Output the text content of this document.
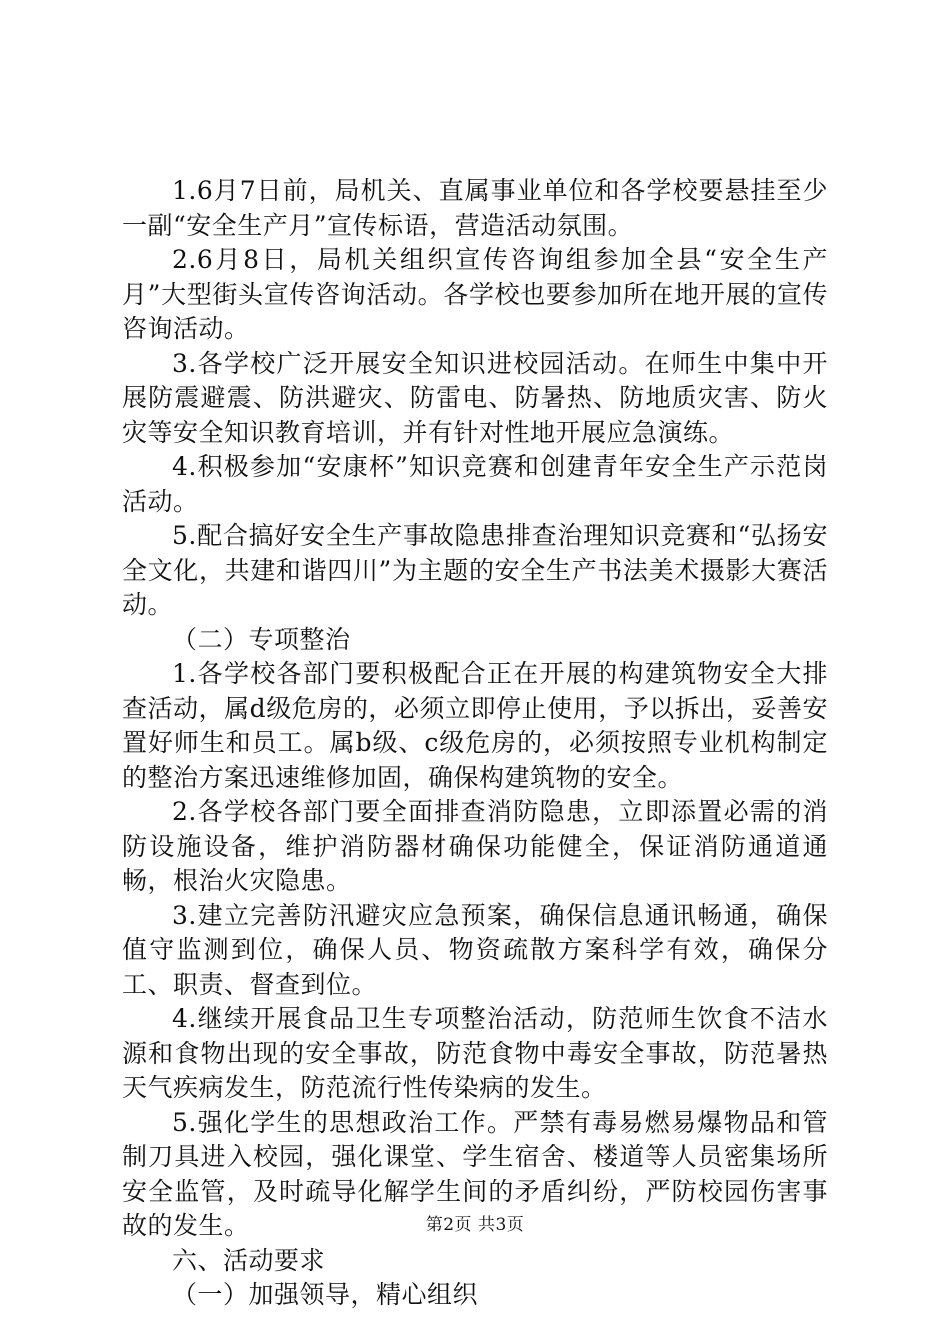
1.6月7日前，局机关、直属事业单位和各学校要悬挂至少一副“安全生产月”宣传标语，营造活动氛围。

2.6月8日，局机关组织宣传咨询组参加全县“安全生产月”大型街头宣传咨询活动。各学校也要参加所在地开展的宣传咨询活动。

3.各学校广泛开展安全知识进校园活动。在师生中集中开展防震避震、防洪避灾、防雷电、防暑热、防地质灾害、防火灾等安全知识教育培训，并有针对性地开展应急演练。

4.积极参加“安康杯”知识竞赛和创建青年安全生产示范岗活动。

5.配合搞好安全生产事故隐患排查治理知识竞赛和“弘扬安全文化，共建和谐四川”为主题的安全生产书法美术摄影大赛活动。

（二）专项整治

1.各学校各部门要积极配合正在开展的构建筑物安全大排查活动，属d级危房的，必须立即停止使用，予以拆出，妥善安置好师生和员工。属b级、c级危房的，必须按照专业机构制定的整治方案迅速维修加固，确保构建筑物的安全。

2.各学校各部门要全面排查消防隐患，立即添置必需的消防设施设备，维护消防器材确保功能健全，保证消防通道通畅，根治火灾隐患。

3.建立完善防汛避灾应急预案，确保信息通讯畅通，确保值守监测到位，确保人员、物资疏散方案科学有效，确保分工、职责、督查到位。

4.继续开展食品卫生专项整治活动，防范师生饮食不洁水源和食物出现的安全事故，防范食物中毒安全事故，防范暑热天气疾病发生，防范流行性传染病的发生。

5.强化学生的思想政治工作。严禁有毒易燃易爆物品和管制刀具进入校园，强化课堂、学生宿舍、楼道等人员密集场所安全监管，及时疏导化解学生间的矛盾纠纷，严防校园伤害事故的发生。

六、活动要求

（一）加强领导，精心组织

第2页 共3页
